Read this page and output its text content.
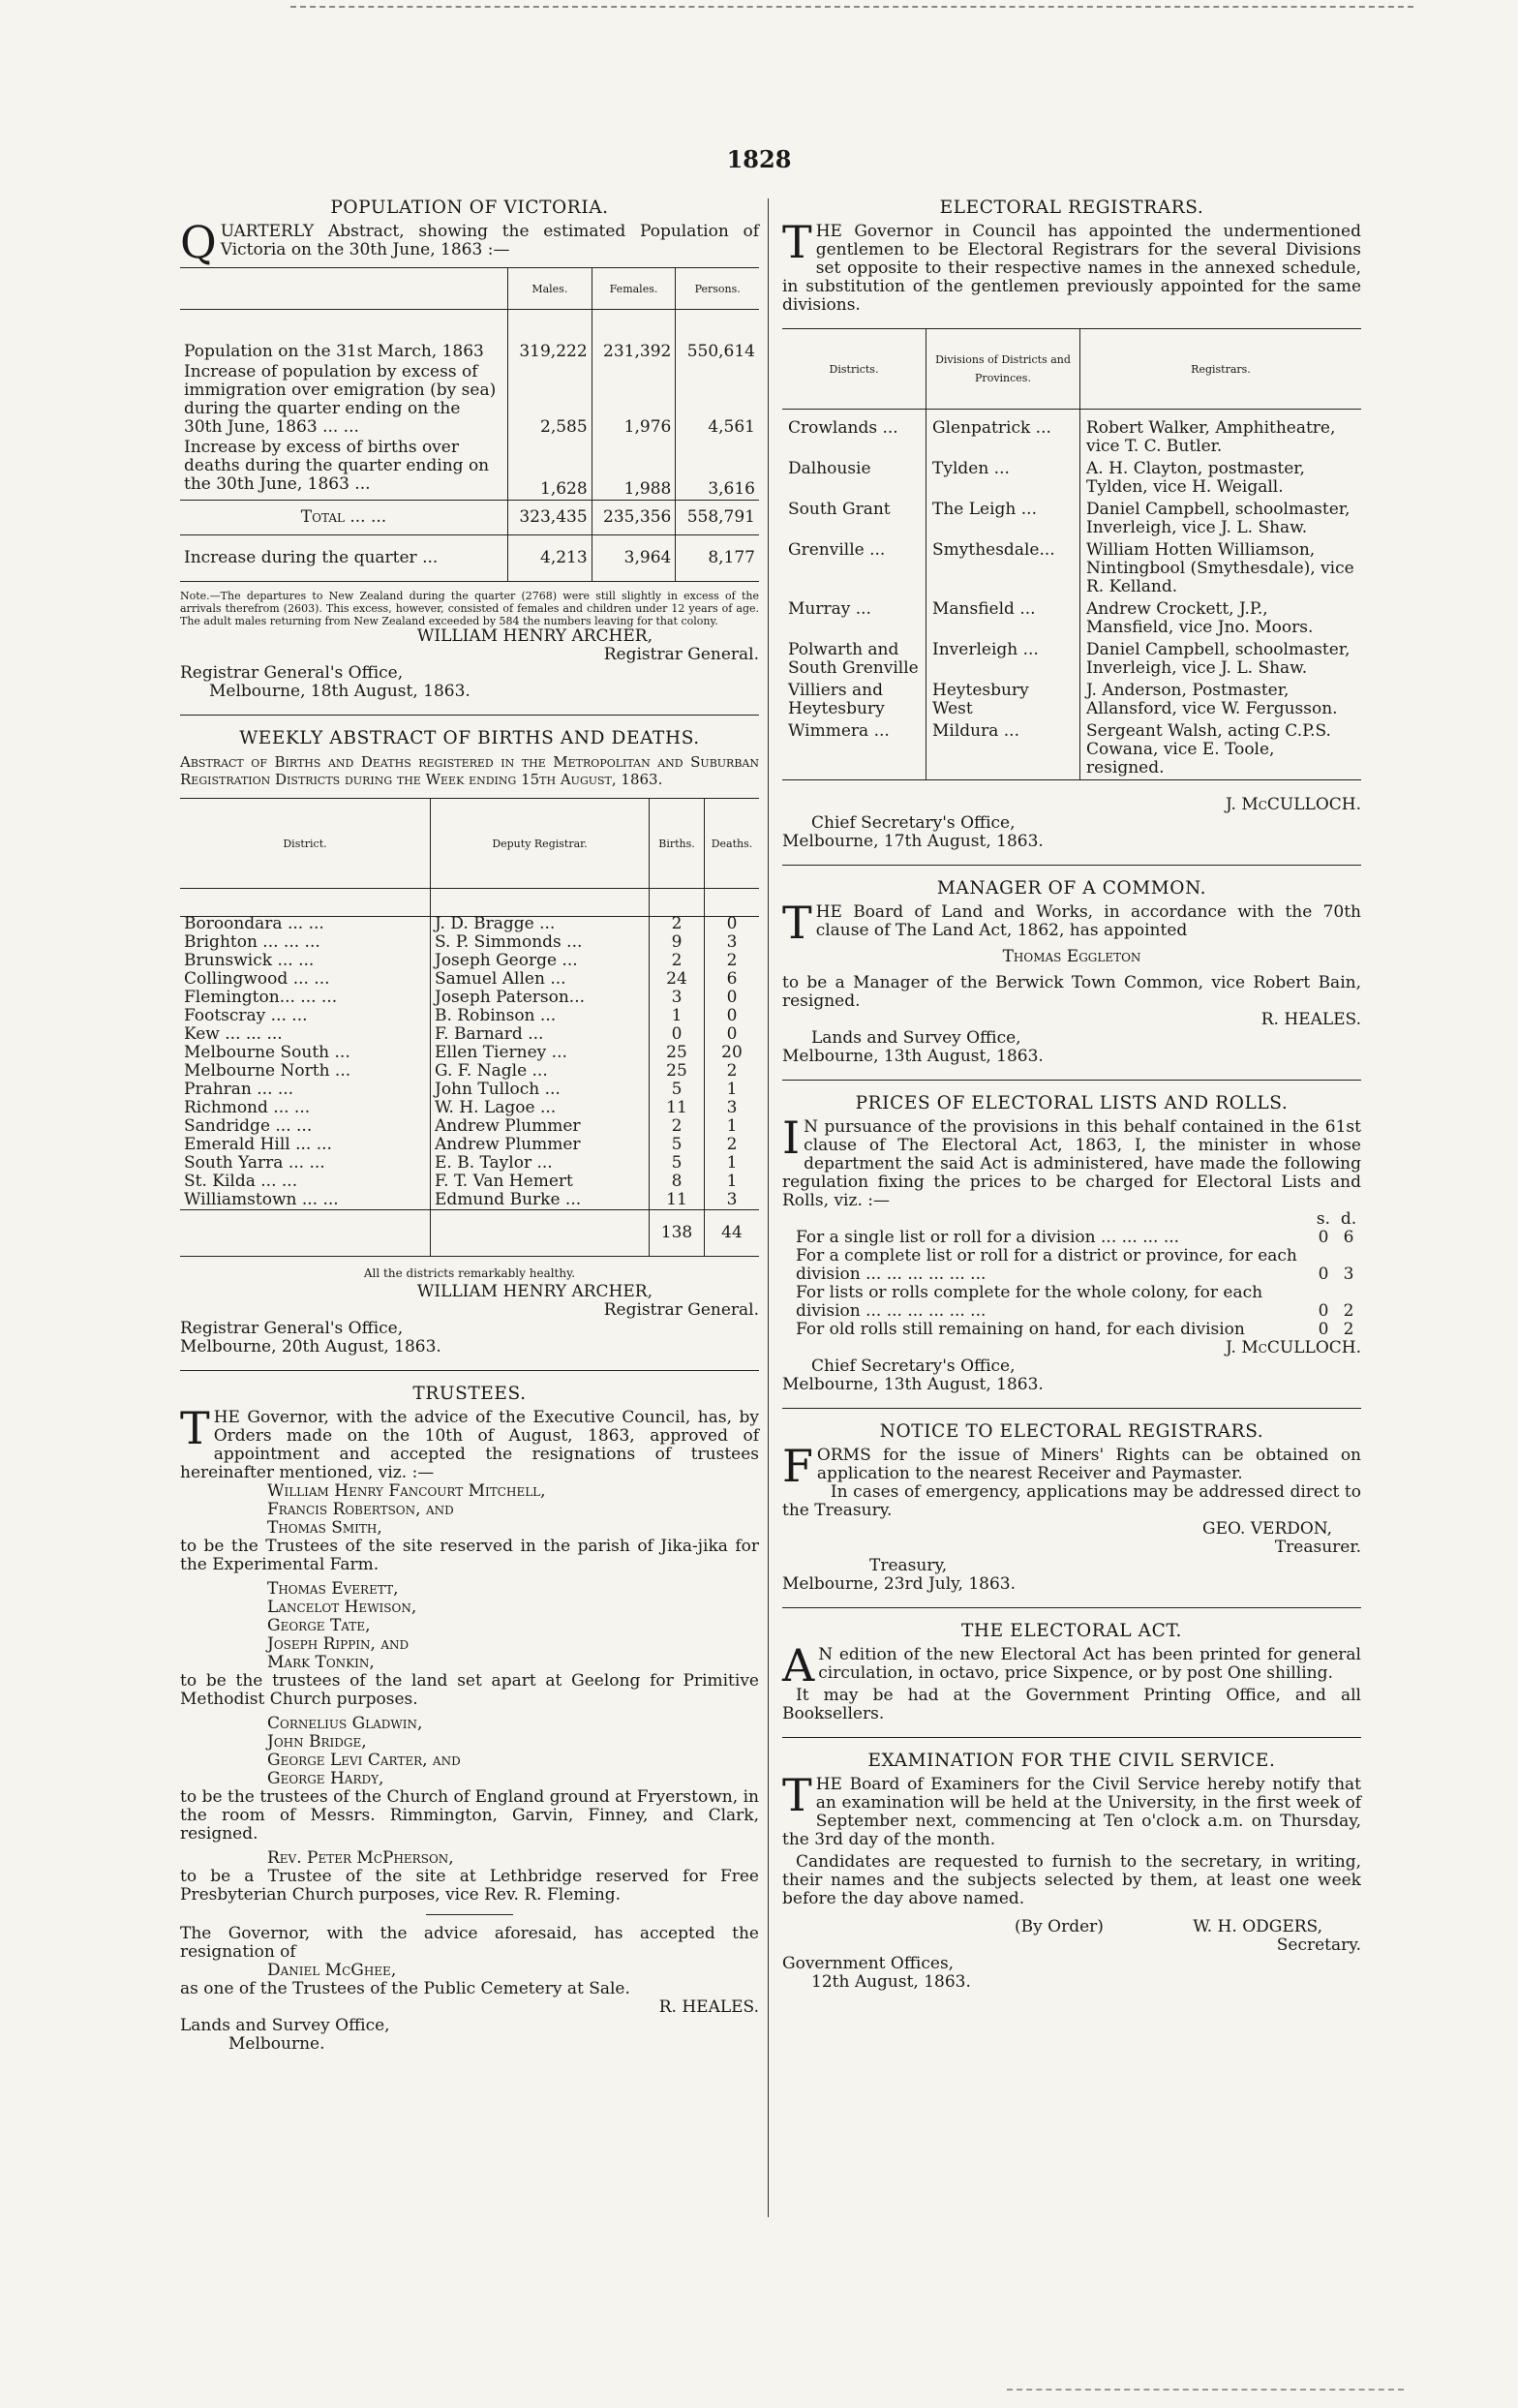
1828
POPULATION OF VICTORIA.

QUARTERLY Abstract, showing the estimated Population of Victoria on the 30th June, 1863 :—

	Males.	Females.	Persons.
Population on the 31st March, 1863	319,222	231,392	550,614
Increase of population by excess of immigration over emigration (by sea) during the quarter ending on the 30th June, 1863 ... ...	2,585	1,976	4,561
Increase by excess of births over deaths during the quarter ending on the 30th June, 1863 ...	1,628	1,988	3,616
Total ... ...	323,435	235,356	558,791
Increase during the quarter ...	4,213	3,964	8,177

Note.—The departures to New Zealand during the quarter (2768) were still slightly in excess of the arrivals therefrom (2603). This excess, however, consisted of females and children under 12 years of age. The adult males returning from New Zealand exceeded by 584 the numbers leaving for that colony.

WILLIAM HENRY ARCHER,

Registrar General.

Registrar General's Office,

Melbourne, 18th August, 1863.

WEEKLY ABSTRACT OF BIRTHS AND DEATHS.

Abstract of Births and Deaths registered in the Metropolitan and Suburban Registration Districts during the Week ending 15th August, 1863.

District.	Deputy Registrar.	Births.	Deaths.

Boroondara ... ...	J. D. Bragge ...	2	0
Brighton ... ... ...	S. P. Simmonds ...	9	3
Brunswick ... ...	Joseph George ...	2	2
Collingwood ... ...	Samuel Allen ...	24	6
Flemington... ... ...	Joseph Paterson...	3	0
Footscray ... ...	B. Robinson ...	1	0
Kew ... ... ...	F. Barnard ...	0	0
Melbourne South ...	Ellen Tierney ...	25	20
Melbourne North ...	G. F. Nagle ...	25	2
Prahran ... ...	John Tulloch ...	5	1
Richmond ... ...	W. H. Lagoe ...	11	3
Sandridge ... ...	Andrew Plummer	2	1
Emerald Hill ... ...	Andrew Plummer	5	2
South Yarra ... ...	E. B. Taylor ...	5	1
St. Kilda ... ...	F. T. Van Hemert	8	1
Williamstown ... ...	Edmund Burke ...	11	3
		138	44

All the districts remarkably healthy.

WILLIAM HENRY ARCHER,

Registrar General.

Registrar General's Office,

Melbourne, 20th August, 1863.

TRUSTEES.

THE Governor, with the advice of the Executive Council, has, by Orders made on the 10th of August, 1863, approved of appointment and accepted the resignations of trustees hereinafter mentioned, viz. :—

William Henry Fancourt Mitchell,

Francis Robertson, and

Thomas Smith,

to be the Trustees of the site reserved in the parish of Jika-jika for the Experimental Farm.

Thomas Everett,

Lancelot Hewison,

George Tate,

Joseph Rippin, and

Mark Tonkin,

to be the trustees of the land set apart at Geelong for Primitive Methodist Church purposes.

Cornelius Gladwin,

John Bridge,

George Levi Carter, and

George Hardy,

to be the trustees of the Church of England ground at Fryerstown, in the room of Messrs. Rimmington, Garvin, Finney, and Clark, resigned.

Rev. Peter McPherson,

to be a Trustee of the site at Lethbridge reserved for Free Presbyterian Church purposes, vice Rev. R. Fleming.

The Governor, with the advice aforesaid, has accepted the resignation of

Daniel McGhee,

as one of the Trustees of the Public Cemetery at Sale.

R. HEALES.

Lands and Survey Office,

Melbourne.

ELECTORAL REGISTRARS.

THE Governor in Council has appointed the undermentioned gentlemen to be Electoral Registrars for the several Divisions set opposite to their respective names in the annexed schedule, in substitution of the gentlemen previously appointed for the same divisions.

Districts.	Divisions of Districts and Provinces.	Registrars.
Crowlands ...	Glenpatrick ...	Robert Walker, Amphitheatre, vice T. C. Butler.
Dalhousie	Tylden ...	A. H. Clayton, postmaster, Tylden, vice H. Weigall.
South Grant	The Leigh ...	Daniel Campbell, schoolmaster, Inverleigh, vice J. L. Shaw.
Grenville ...	Smythesdale...	William Hotten Williamson, Nintingbool (Smythesdale), vice R. Kelland.
Murray ...	Mansfield ...	Andrew Crockett, J.P., Mansfield, vice Jno. Moors.
Polwarth and South Grenville	Inverleigh ...	Daniel Campbell, schoolmaster, Inverleigh, vice J. L. Shaw.
Villiers and Heytesbury	Heytesbury West	J. Anderson, Postmaster, Allansford, vice W. Fergusson.
Wimmera ...	Mildura ...	Sergeant Walsh, acting C.P.S. Cowana, vice E. Toole, resigned.

J. McCULLOCH.

Chief Secretary's Office,

Melbourne, 17th August, 1863.

MANAGER OF A COMMON.

THE Board of Land and Works, in accordance with the 70th clause of The Land Act, 1862, has appointed

Thomas Eggleton

to be a Manager of the Berwick Town Common, vice Robert Bain, resigned.

R. HEALES.

Lands and Survey Office,

Melbourne, 13th August, 1863.

PRICES OF ELECTORAL LISTS AND ROLLS.

I N pursuance of the provisions in this behalf contained in the 61st clause of The Electoral Act, 1863, I, the minister in whose department the said Act is administered, have made the following regulation fixing the prices to be charged for Electoral Lists and Rolls, viz. :—

	s.	d.
For a single list or roll for a division ... ... ... ...	0	6
For a complete list or roll for a district or province, for each division ... ... ... ... ... ...	0	3
For lists or rolls complete for the whole colony, for each division ... ... ... ... ... ...	0	2
For old rolls still remaining on hand, for each division	0	2

J. McCULLOCH.

Chief Secretary's Office,

Melbourne, 13th August, 1863.

NOTICE TO ELECTORAL REGISTRARS.

FORMS for the issue of Miners' Rights can be obtained on application to the nearest Receiver and Paymaster.

In cases of emergency, applications may be addressed direct to the Treasury.

GEO. VERDON,

Treasurer.

Treasury,

Melbourne, 23rd July, 1863.

THE ELECTORAL ACT.

A N edition of the new Electoral Act has been printed for general circulation, in octavo, price Sixpence, or by post One shilling.

It may be had at the Government Printing Office, and all Booksellers.

EXAMINATION FOR THE CIVIL SERVICE.

THE Board of Examiners for the Civil Service hereby notify that an examination will be held at the University, in the first week of September next, commencing at Ten o'clock a.m. on Thursday, the 3rd day of the month.

Candidates are requested to furnish to the secretary, in writing, their names and the subjects selected by them, at least one week before the day above named.

(By Order)	W. H. ODGERS,

Secretary.

Government Offices,

12th August, 1863.
